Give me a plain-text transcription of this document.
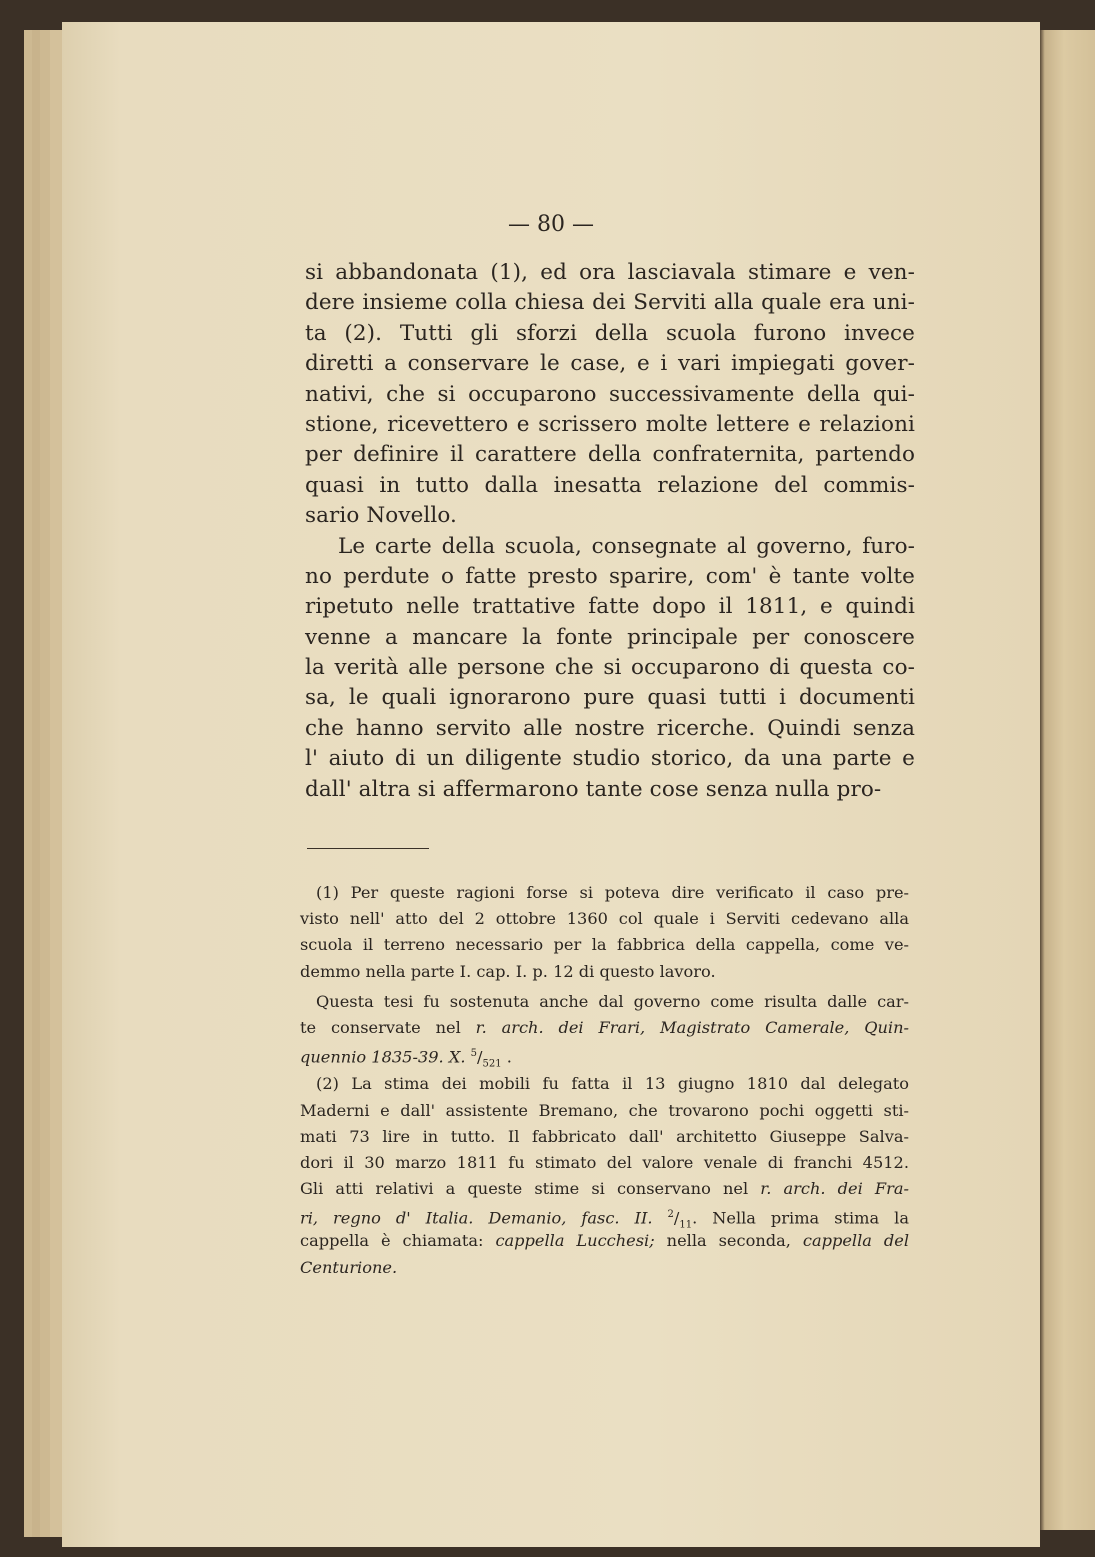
— 80 —
si abbandonata (1), ed ora lasciavala stimare e ven-
dere insieme colla chiesa dei Serviti alla quale era uni-
ta (2). Tutti gli sforzi della scuola furono invece
diretti a conservare le case, e i vari impiegati gover-
nativi, che si occuparono successivamente della qui-
stione, ricevettero e scrissero molte lettere e relazioni
per definire il carattere della confraternita, partendo
quasi in tutto dalla inesatta relazione del commis-
sario Novello.
Le carte della scuola, consegnate al governo, furo-
no perdute o fatte presto sparire, com' è tante volte
ripetuto nelle trattative fatte dopo il 1811, e quindi
venne a mancare la fonte principale per conoscere
la verità alle persone che si occuparono di questa co-
sa, le quali ignorarono pure quasi tutti i documenti
che hanno servito alle nostre ricerche. Quindi senza
l' aiuto di un diligente studio storico, da una parte e
dall' altra si affermarono tante cose senza nulla pro-
(1) Per queste ragioni forse si poteva dire verificato il caso pre-
visto nell' atto del 2 ottobre 1360 col quale i Serviti cedevano alla
scuola il terreno necessario per la fabbrica della cappella, come ve-
demmo nella parte I. cap. I. p. 12 di questo lavoro.
Questa tesi fu sostenuta anche dal governo come risulta dalle car-
te conservate nel r. arch. dei Frari, Magistrato Camerale, Quin-
quennio 1835-39. X. $^5/_{521}$ .
(2) La stima dei mobili fu fatta il 13 giugno 1810 dal delegato
Maderni e dall' assistente Bremano, che trovarono pochi oggetti sti-
mati 73 lire in tutto. Il fabbricato dall' architetto Giuseppe Salva-
dori il 30 marzo 1811 fu stimato del valore venale di franchi 4512.
Gli atti relativi a queste stime si conservano nel r. arch. dei Fra-
ri, regno d' Italia. Demanio, fasc. II. $^2/_{11}$. Nella prima stima la
cappella è chiamata: cappella Lucchesi; nella seconda, cappella del
Centurione.
